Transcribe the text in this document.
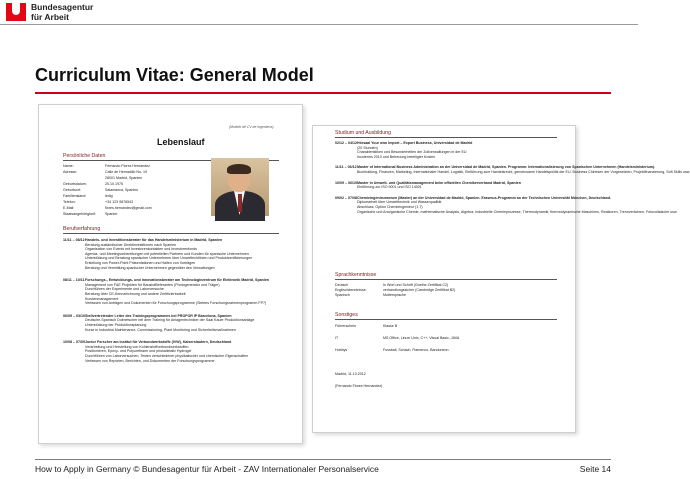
Bundesagentur
für Arbeit
Curriculum Vitae: General Model
(Modelo de CV de Ingeniería)
Lebenslauf
Persönliche Daten
Name:	Fernando Flores Hernandez
Adresse:	Calle de Hernadillo No. 19
28001 Madrid, Spanien
Geburtsdatum:	25.10.1975
Geburtsort:	Salamanca, Spanien
Familienstand:	ledig
Telefon:	+34 123 9876543
E-Mail:	flores.hernandez@gmail.com
Staatsangehörigkeit:	Spanier
Berufserfahrung
11/11 – 08/12 Handels- und Investitionsberater für das Handelsministerium in Madrid, Spanien
Beratung ausländischer Direktinvestitionen nach Spanien
Organisation von Events mit Investorenkontakten und Investorenfonds
Agenda- und Meetingvorbereitungen mit potentiellen Partnern und Kunden für spanische Unternehmen
Unterstützung und Beratung spanischer Unternehmen über Umweltrichtlinien und Produktzertifizierungen
Erstellung von Power-Point Präsentationen und Halten von Vorträgen
Beratung und Vermittlung spanischer Unternehmen gegenüber den Verwaltungen
08/11 – 10/11 Forschungs-, Entwicklungs- und Innovationsberater am Technologiezentrum für Elektronik Madrid, Spanien
Management von F&E Projekten für Baustofflieferanten (Photogenerator und Träger)
Durchführen der Experimente und Laborversuche
Beratung über CE-Kennzeichnung und andere Zertifizierbarkeit
Kundenmanagement
Verfassen von Anträgen und Dokumenten für Forschungsprogramme (Siebtes Forschungsrahmenprogramm FP7)
06/09 – 03/10 Stellvertretender Leiter des Trainingsprogrammes bei PROFOR IP Barcelona, Spanien
Deutsche-Spanisch Dolmetscher bei dem Training für Anlagentechniker der Saal Kauer Produktionsanlage
Unterstützung der Produktionsplanung
Kurse in Industrial Maintenance, Commissioning, Plant Monitoring und Sicherheitsmaßnahmen
10/08 – 07/09 Junior Forscher am Institut für Verbundwerkstoffe (IVW), Kaiserslautern, Deutschland
Verarbeitung und Herstellung von Kohlenstoffverbundwerkstoffen
Positionieren, Epoxy- und Polyurethane und phokalietaliv Hydrogel
Durchführen von Laborversuchen, Testen verschiedener physikalischer und chemischer Eigenschaften
Verfassen von Reporten, Berichten, und Dokumenten der Forschungsprogramme
Studium und Ausbildung
02/12 – 04/12 Hörsaal Your own Import – Export Business, Universidad de Madrid
(20 Stunden)
Charakteristiken und Besonderheiten der Zollverwaltungen in der EU
Incoterms 2010 und Betreuung beteiligter Kosten
11/11 – 06/12 Master of International Business Administration an der Universidad de Madrid, Spanien. Programm: Internationalisierung von Spanischen Unternehmen (Handelsministerium).
Buchhaltung, Finanzen, Marketing, Internationaler Handel, Logistik, Einführung zum Handelsrecht, gemeinsame Handelspolitik der EU, Business Chinesen der Vorgesetzten, Projektfinanzierung, Soft Skills usw.
10/09 – 06/10 Master in Umwelt- und Qualitätsmanagement beim offiziellen Chemikerverband Madrid, Spanien
Einführung zur ISO 9001 und ISO 14001
09/02 – 07/08 Chemieingenieurwesen (Master) an der Universidad de Madrid, Spanien. Erasmus-Programm an der Technischen Universität München, Deutschland.
Diplomarbeit über Umwelttechnik und Wasserqualität
Abschluss: Option Chemieingenieur (1,7)
Organische und Anorganische Chemie, mathematische Analysis, Algebra, Industrielle Chemieprozesse, Thermodynamik, thermodynamische Maschinen, Reaktoren, Trennverfahren, Fotovoltaische usw.
Sprachkenntnisse
Deutsch	In Wort und Schrift (Goethe Zertifikat C2)
Englischkenntnisse	verhandlungssicher (Cambridge Zertifikat B2)
Spanisch	Muttersprache
Sonstiges
Führerschein	Klasse B
IT	MS Office, Linux/ Unix, C++, Visual Basic, JAVA
Hobbys	Fussball, Schach, Flamenco, Bandoneon
Madrid, 11.10.2012
(Fernando Flores Hernandez)
How to Apply in Germany © Bundesagentur für Arbeit - ZAV Internationaler Personalservice	Seite 14
